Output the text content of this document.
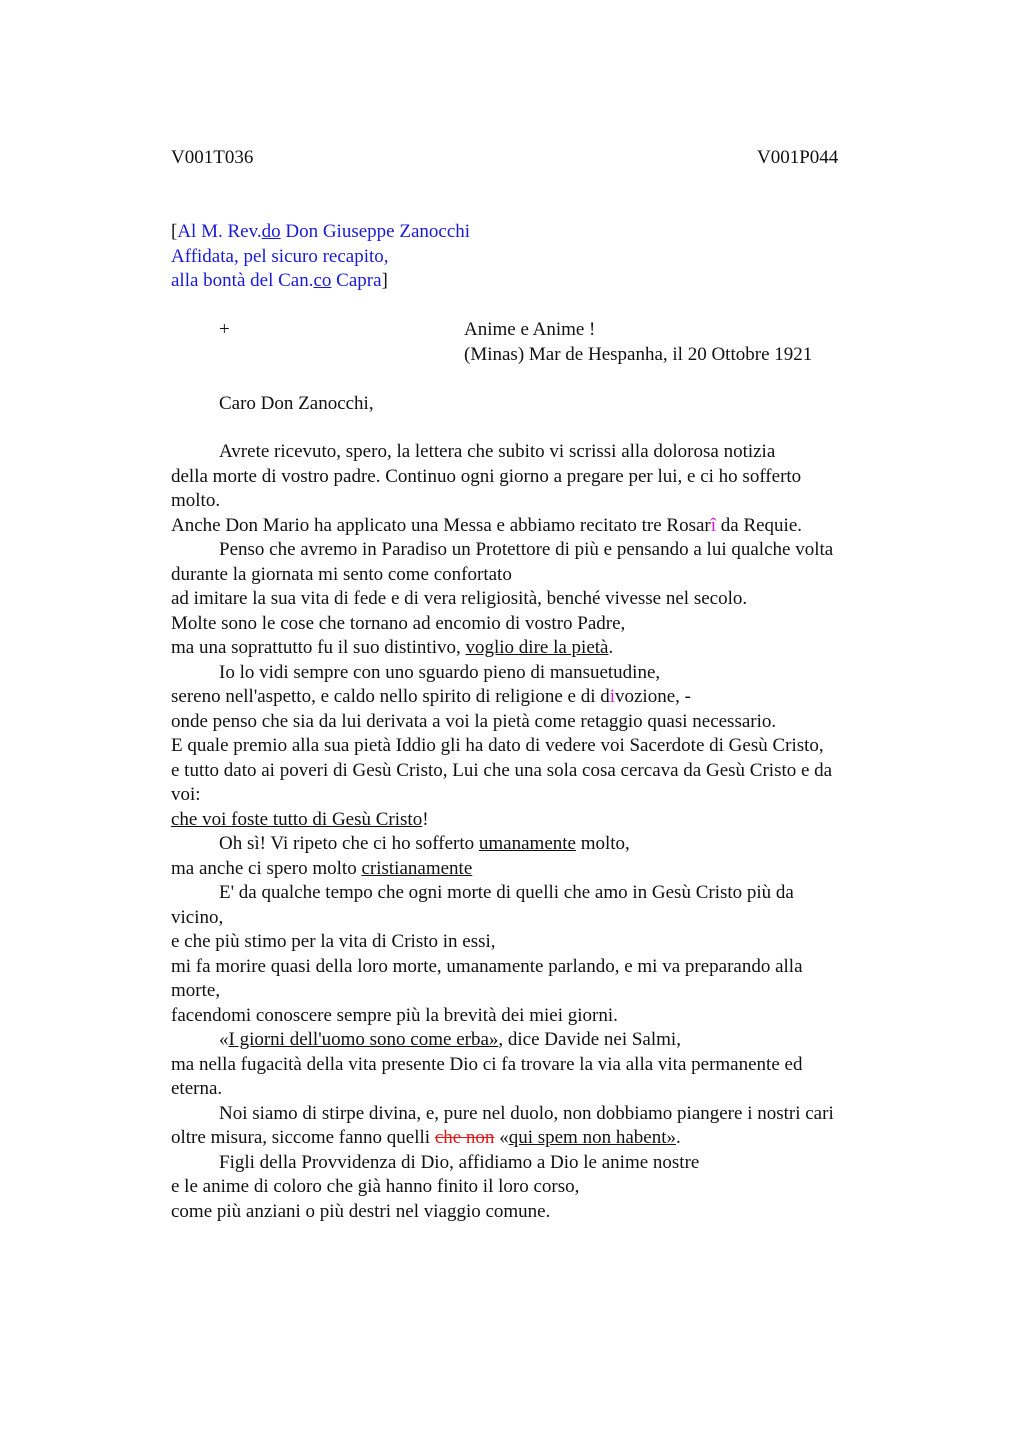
V001T036	V001P044
[Al M. Rev.do Don Giuseppe Zanocchi
Affidata, pel sicuro recapito,
alla bontà del Can.co Capra]
+	Anime e Anime !
(Minas) Mar de Hespanha, il 20 Ottobre 1921
Caro Don Zanocchi,
Avrete ricevuto, spero, la lettera che subito vi scrissi alla dolorosa notizia
della morte di vostro padre. Continuo ogni giorno a pregare per lui, e ci ho sofferto
molto.
Anche Don Mario ha applicato una Messa e abbiamo recitato tre Rosarî da Requie.
Penso che avremo in Paradiso un Protettore di più e pensando a lui qualche volta
durante la giornata mi sento come confortato
ad imitare la sua vita di fede e di vera religiosità, benché vivesse nel secolo.
Molte sono le cose che tornano ad encomio di vostro Padre,
ma una soprattutto fu il suo distintivo, voglio dire la pietà.
Io lo vidi sempre con uno sguardo pieno di mansuetudine,
sereno nell'aspetto, e caldo nello spirito di religione e di divozione, -
onde penso che sia da lui derivata a voi la pietà come retaggio quasi necessario.
E quale premio alla sua pietà Iddio gli ha dato di vedere voi Sacerdote di Gesù Cristo,
e tutto dato ai poveri di Gesù Cristo, Lui che una sola cosa cercava da Gesù Cristo e da
voi:
che voi foste tutto di Gesù Cristo!
Oh sì! Vi ripeto che ci ho sofferto umanamente molto,
ma anche ci spero molto cristianamente
E' da qualche tempo che ogni morte di quelli che amo in Gesù Cristo più da
vicino,
e che più stimo per la vita di Cristo in essi,
mi fa morire quasi della loro morte, umanamente parlando, e mi va preparando alla
morte,
facendomi conoscere sempre più la brevità dei miei giorni.
«I giorni dell'uomo sono come erba», dice Davide nei Salmi,
ma nella fugacità della vita presente Dio ci fa trovare la via alla vita permanente ed
eterna.
Noi siamo di stirpe divina, e, pure nel duolo, non dobbiamo piangere i nostri cari
oltre misura, siccome fanno quelli che non «qui spem non habent».
Figli della Provvidenza di Dio, affidiamo a Dio le anime nostre
e le anime di coloro che già hanno finito il loro corso,
come più anziani o più destri nel viaggio comune.
